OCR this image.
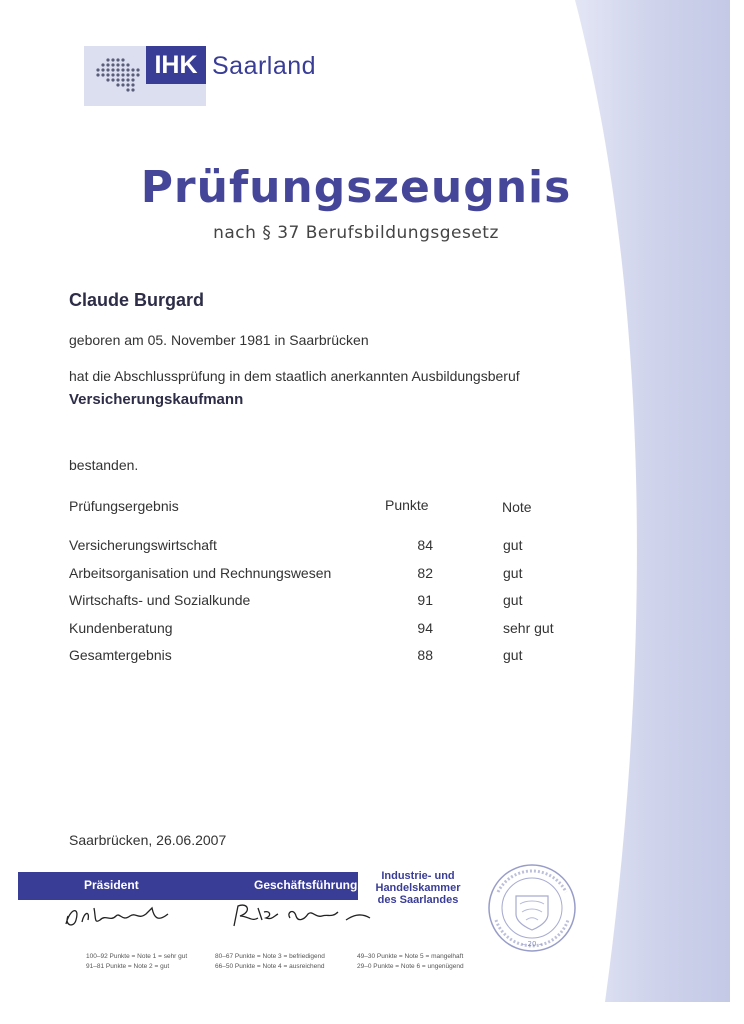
IHK Saarland
Prüfungszeugnis
nach § 37 Berufsbildungsgesetz
Claude Burgard
geboren am 05. November 1981 in Saarbrücken
hat die Abschlussprüfung in dem staatlich anerkannten Ausbildungsberuf
Versicherungskaufmann
bestanden.
Prüfungsergebnis	Punkte	Note
Versicherungswirtschaft	84	gut
Arbeitsorganisation und Rechnungswesen	82	gut
Wirtschafts- und Sozialkunde	91	gut
Kundenberatung	94	sehr gut
Gesamtergebnis	88	gut
Saarbrücken, 26.06.2007
Präsident	Geschäftsführung
Industrie- und
Handelskammer
des Saarlandes
– 20 –
100–92 Punkte = Note 1 = sehr gut
91–81 Punkte = Note 2 = gut
80–67 Punkte = Note 3 = befriedigend
66–50 Punkte = Note 4 = ausreichend
49–30 Punkte = Note 5 = mangelhaft
29–0 Punkte = Note 6 = ungenügend
